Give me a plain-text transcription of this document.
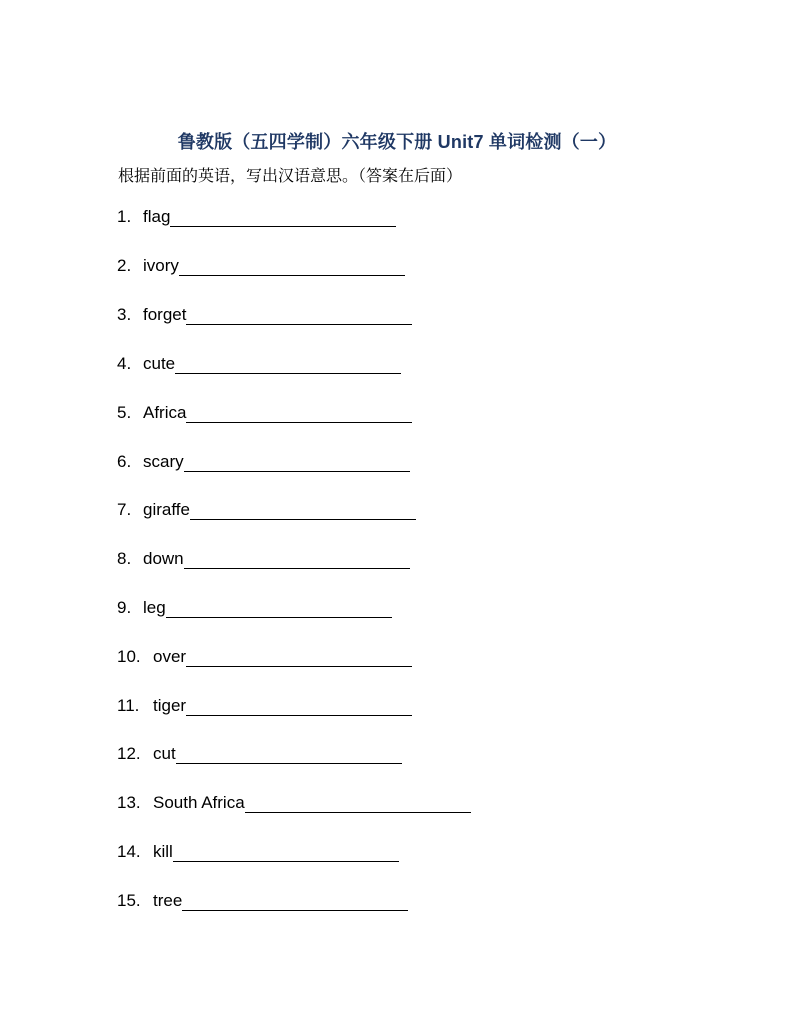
鲁教版（五四学制）六年级下册 Unit7 单词检测（一）
根据前面的英语，写出汉语意思。（答案在后面）
1. flag
2. ivory
3. forget
4. cute
5. Africa
6. scary
7. giraffe
8. down
9. leg
10. over
11. tiger
12. cut
13. South Africa
14. kill
15. tree
